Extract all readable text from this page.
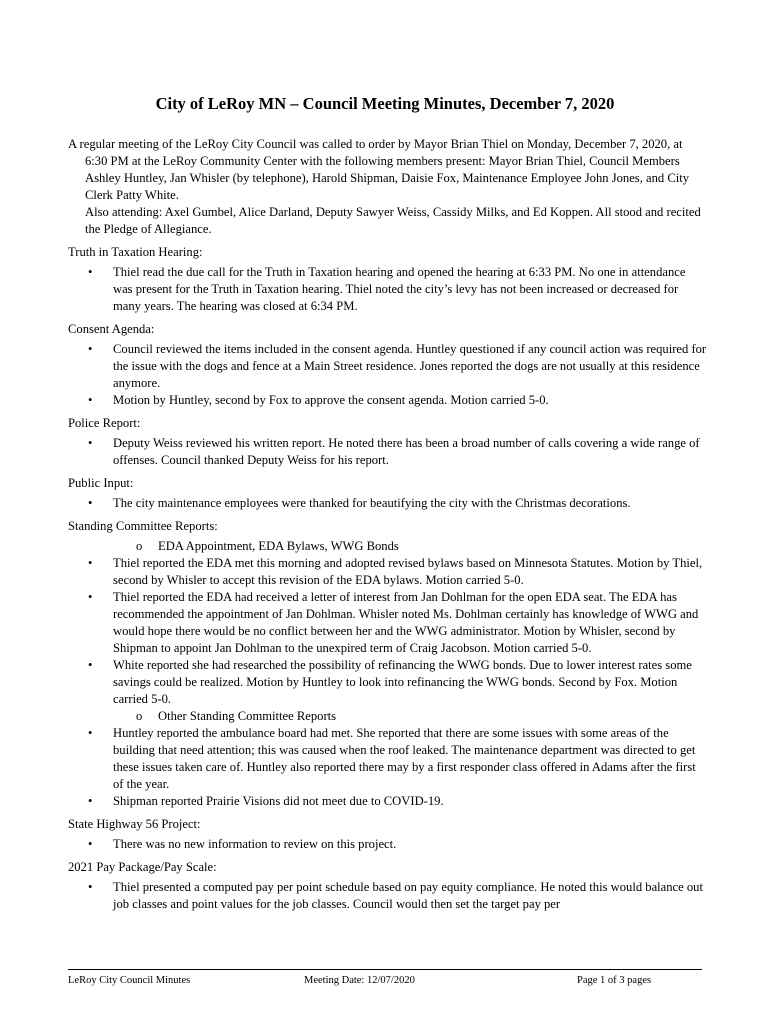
City of LeRoy MN – Council Meeting Minutes, December 7, 2020

A regular meeting of the LeRoy City Council was called to order by Mayor Brian Thiel on Monday, December 7, 2020, at 6:30 PM at the LeRoy Community Center with the following members present: Mayor Brian Thiel, Council Members Ashley Huntley, Jan Whisler (by telephone), Harold Shipman, Daisie Fox, Maintenance Employee John Jones, and City Clerk Patty White.

Also attending: Axel Gumbel, Alice Darland, Deputy Sawyer Weiss, Cassidy Milks, and Ed Koppen. All stood and recited the Pledge of Allegiance.

Truth in Taxation Hearing:
• Thiel read the due call for the Truth in Taxation hearing and opened the hearing at 6:33 PM. No one in attendance was present for the Truth in Taxation hearing. Thiel noted the city’s levy has not been increased or decreased for many years. The hearing was closed at 6:34 PM.
Consent Agenda:
• Council reviewed the items included in the consent agenda. Huntley questioned if any council action was required for the issue with the dogs and fence at a Main Street residence. Jones reported the dogs are not usually at this residence anymore.
• Motion by Huntley, second by Fox to approve the consent agenda. Motion carried 5-0.
Police Report:
• Deputy Weiss reviewed his written report. He noted there has been a broad number of calls covering a wide range of offenses. Council thanked Deputy Weiss for his report.
Public Input:
• The city maintenance employees were thanked for beautifying the city with the Christmas decorations.
Standing Committee Reports:
o EDA Appointment, EDA Bylaws, WWG Bonds
• Thiel reported the EDA met this morning and adopted revised bylaws based on Minnesota Statutes. Motion by Thiel, second by Whisler to accept this revision of the EDA bylaws. Motion carried 5-0.
• Thiel reported the EDA had received a letter of interest from Jan Dohlman for the open EDA seat. The EDA has recommended the appointment of Jan Dohlman. Whisler noted Ms. Dohlman certainly has knowledge of WWG and would hope there would be no conflict between her and the WWG administrator. Motion by Whisler, second by Shipman to appoint Jan Dohlman to the unexpired term of Craig Jacobson. Motion carried 5-0.
• White reported she had researched the possibility of refinancing the WWG bonds. Due to lower interest rates some savings could be realized. Motion by Huntley to look into refinancing the WWG bonds. Second by Fox. Motion carried 5-0.
o Other Standing Committee Reports
• Huntley reported the ambulance board had met. She reported that there are some issues with some areas of the building that need attention; this was caused when the roof leaked. The maintenance department was directed to get these issues taken care of. Huntley also reported there may by a first responder class offered in Adams after the first of the year.
• Shipman reported Prairie Visions did not meet due to COVID-19.
State Highway 56 Project:
• There was no new information to review on this project.
2021 Pay Package/Pay Scale:
• Thiel presented a computed pay per point schedule based on pay equity compliance. He noted this would balance out job classes and point values for the job classes. Council would then set the target pay per
LeRoy City Council Minutes	Meeting Date: 12/07/2020	Page 1 of 3 pages
